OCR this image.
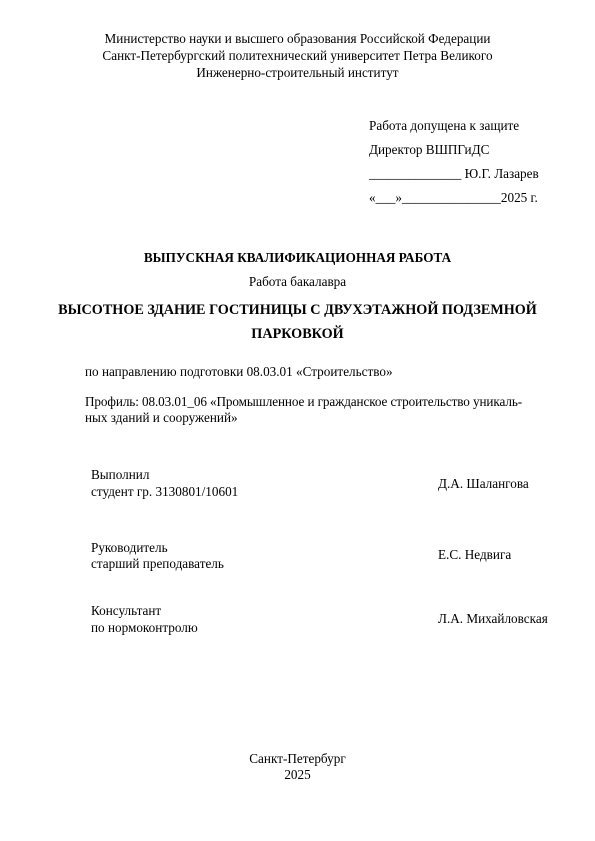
Министерство науки и высшего образования Российской Федерации
Санкт-Петербургский политехнический университет Петра Великого
Инженерно-строительный институт
Работа допущена к защите
Директор ВШПГиДС
______________ Ю.Г. Лазарев
«___»_______________2025 г.
ВЫПУСКНАЯ КВАЛИФИКАЦИОННАЯ РАБОТА
Работа бакалавра
ВЫСОТНОЕ ЗДАНИЕ ГОСТИНИЦЫ С ДВУХЭТАЖНОЙ ПОДЗЕМНОЙ
ПАРКОВКОЙ
по направлению подготовки 08.03.01 «Строительство»
Профиль: 08.03.01_06 «Промышленное и гражданское строительство уникаль-
ных зданий и сооружений»
Выполнил
студент гр. 3130801/10601
Д.А. Шалангова
Руководитель
старший преподаватель
Е.С. Недвига
Консультант
по нормоконтролю
Л.А. Михайловская
Санкт-Петербург
2025
